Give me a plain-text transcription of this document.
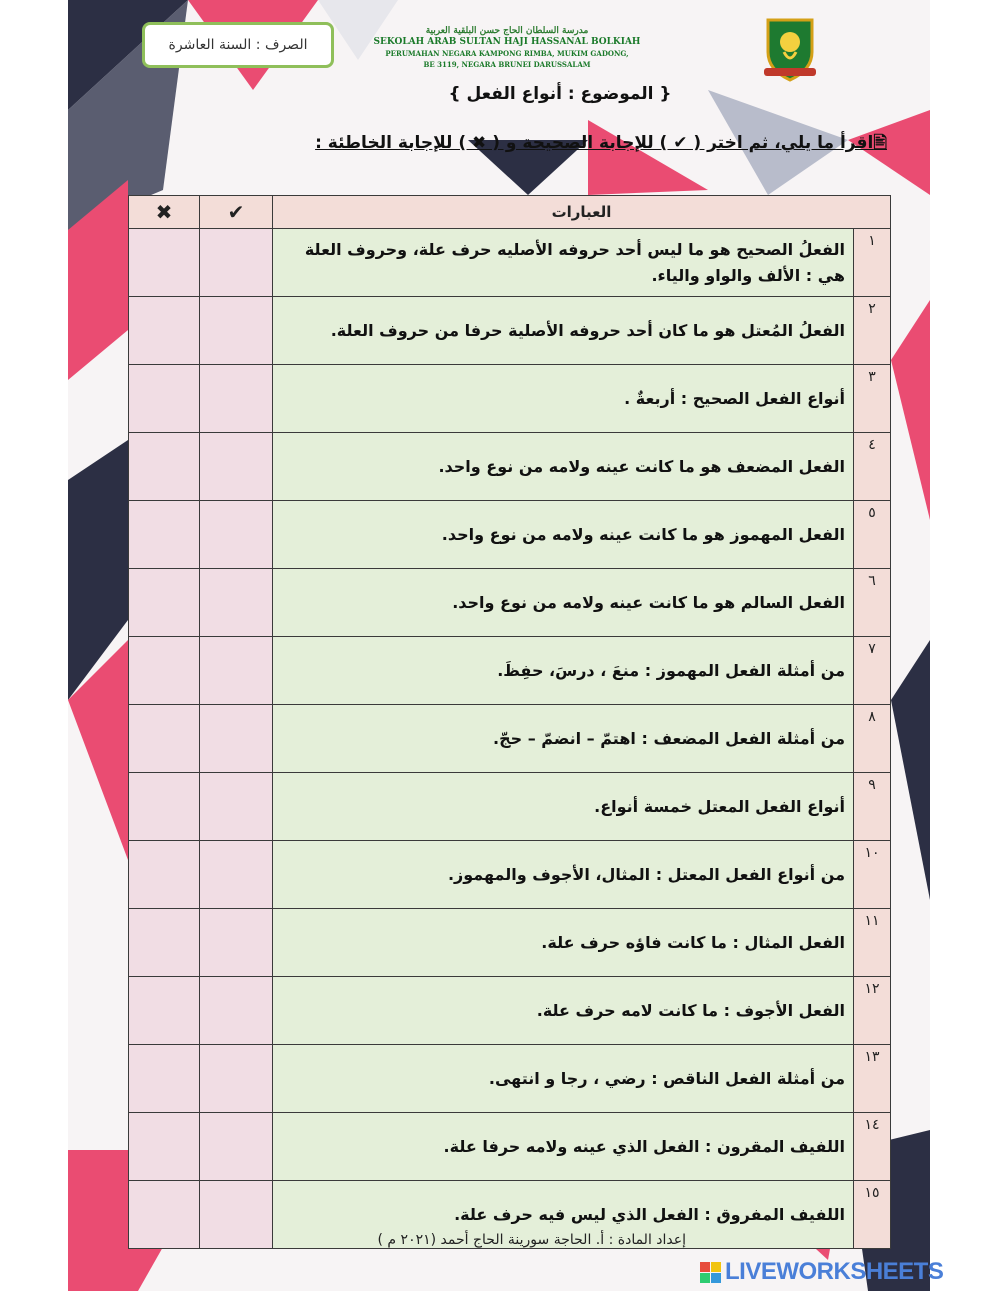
الصرف : السنة العاشرة
مدرسة السلطان الحاج حسن البلقية العربية
SEKOLAH ARAB SULTAN HAJI HASSANAL BOLKIAH
PERUMAHAN NEGARA KAMPONG RIMBA, MUKIM GADONG,
BE 3119, NEGARA BRUNEI DARUSSALAM
{ الموضوع : أنواع الفعل }
🖹اقرأ ما يلي، ثم اختر ( ✔ ) للإجابة الصحيحة و ( ✖ ) للإجابة الخاطئة :
العبارات		✔	✖
١	الفعلُ الصحيح هو ما ليس أحد حروفه الأصليه حرف علة، وحروف العلة هي : الألف والواو والياء.		
٢	الفعلُ المُعتل هو ما كان أحد حروفه الأصلية حرفا من حروف العلة.		
٣	أنواع الفعل الصحيح : أربعةٌ .		
٤	الفعل المضعف هو ما كانت عينه ولامه من نوع واحد.		
٥	الفعل المهموز هو ما كانت عينه ولامه من نوع واحد.		
٦	الفعل السالم هو ما كانت عينه ولامه من نوع واحد.		
٧	من أمثلة الفعل المهموز : منعَ ، درسَ، حفِظَ.		
٨	من أمثلة الفعل المضعف : اهتمّ – انضمّ – حجّ.		
٩	أنواع الفعل المعتل خمسة أنواع.		
١٠	من أنواع الفعل المعتل : المثال، الأجوف والمهموز.		
١١	الفعل المثال : ما كانت فاؤه حرف علة.		
١٢	الفعل الأجوف : ما كانت لامه حرف علة.		
١٣	من أمثلة الفعل الناقص : رضي ، رجا و انتهى.		
١٤	اللفيف المقرون : الفعل الذي عينه ولامه حرفا علة.		
١٥	اللفيف المفروق : الفعل الذي ليس فيه حرف علة.		
إعداد المادة : أ. الحاجة سورينة الحاج أحمد (٢٠٢١ م )
LIVEWORKSHEETS
